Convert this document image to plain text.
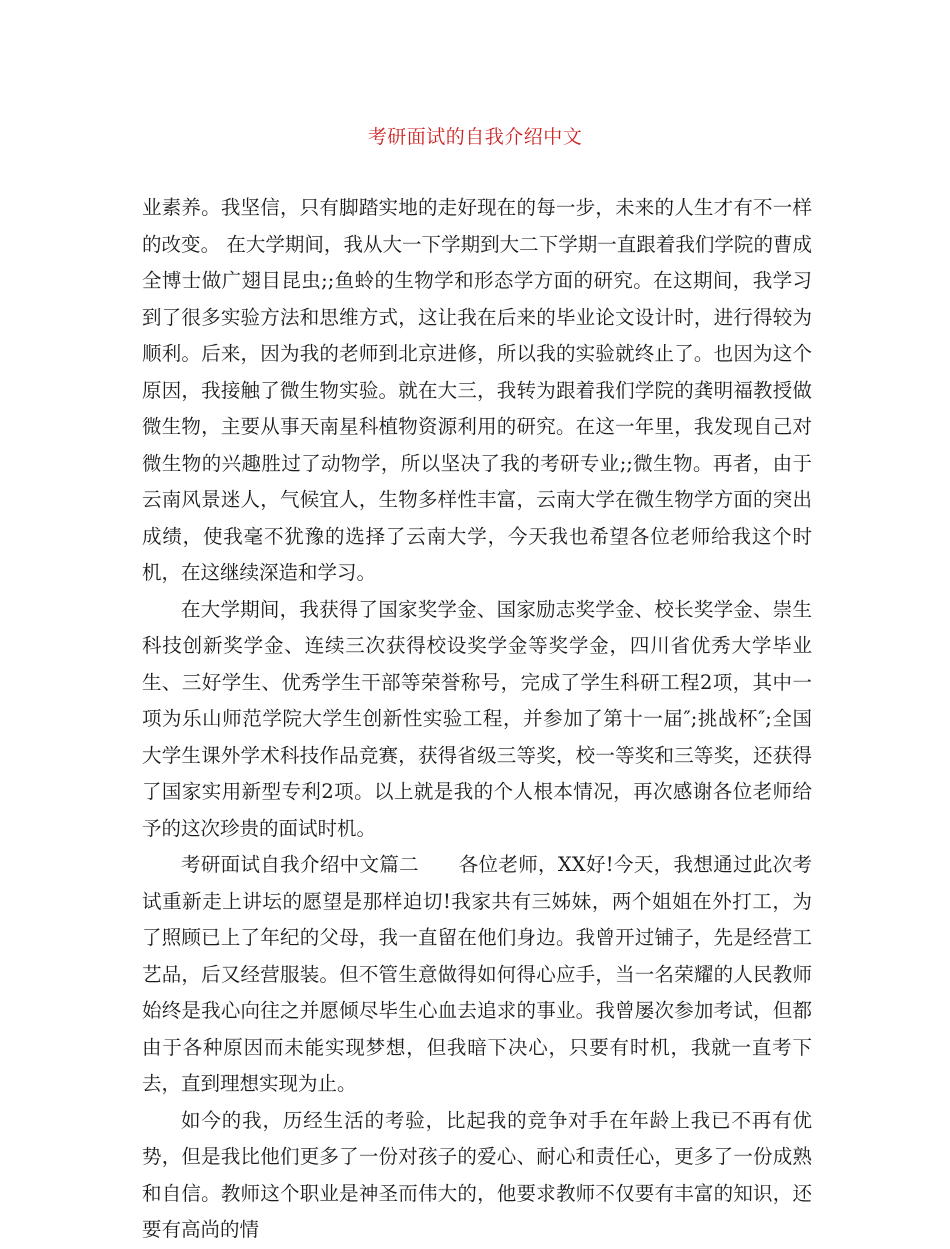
考研面试的自我介绍中文

业素养。我坚信，只有脚踏实地的走好现在的每一步，未来的人生才有不一样的改变。 在大学期间，我从大一下学期到大二下学期一直跟着我们学院的曹成全博士做广翅目昆虫;;鱼蛉的生物学和形态学方面的研究。在这期间，我学习到了很多实验方法和思维方式，这让我在后来的毕业论文设计时，进行得较为顺利。后来，因为我的老师到北京进修，所以我的实验就终止了。也因为这个原因，我接触了微生物实验。就在大三，我转为跟着我们学院的龚明福教授做微生物，主要从事天南星科植物资源利用的研究。在这一年里，我发现自己对微生物的兴趣胜过了动物学，所以坚决了我的考研专业;;微生物。再者，由于云南风景迷人，气候宜人，生物多样性丰富，云南大学在微生物学方面的突出成绩，使我毫不犹豫的选择了云南大学，今天我也希望各位老师给我这个时机，在这继续深造和学习。

在大学期间，我获得了国家奖学金、国家励志奖学金、校长奖学金、崇生科技创新奖学金、连续三次获得校设奖学金等奖学金，四川省优秀大学毕业生、三好学生、优秀学生干部等荣誉称号，完成了学生科研工程2项，其中一项为乐山师范学院大学生创新性实验工程，并参加了第十一届″;挑战杯″;全国大学生课外学术科技作品竞赛，获得省级三等奖，校一等奖和三等奖，还获得了国家实用新型专利2项。以上就是我的个人根本情况，再次感谢各位老师给予的这次珍贵的面试时机。

考研面试自我介绍中文篇二　　各位老师，XX好!今天，我想通过此次考试重新走上讲坛的愿望是那样迫切!我家共有三姊妹，两个姐姐在外打工，为了照顾已上了年纪的父母，我一直留在他们身边。我曾开过铺子，先是经营工艺品，后又经营服装。但不管生意做得如何得心应手，当一名荣耀的人民教师始终是我心向往之并愿倾尽毕生心血去追求的事业。我曾屡次参加考试，但都由于各种原因而未能实现梦想，但我暗下决心，只要有时机，我就一直考下去，直到理想实现为止。

如今的我，历经生活的考验，比起我的竞争对手在年龄上我已不再有优势，但是我比他们更多了一份对孩子的爱心、耐心和责任心，更多了一份成熟和自信。教师这个职业是神圣而伟大的，他要求教师不仅要有丰富的知识，还要有高尚的情
